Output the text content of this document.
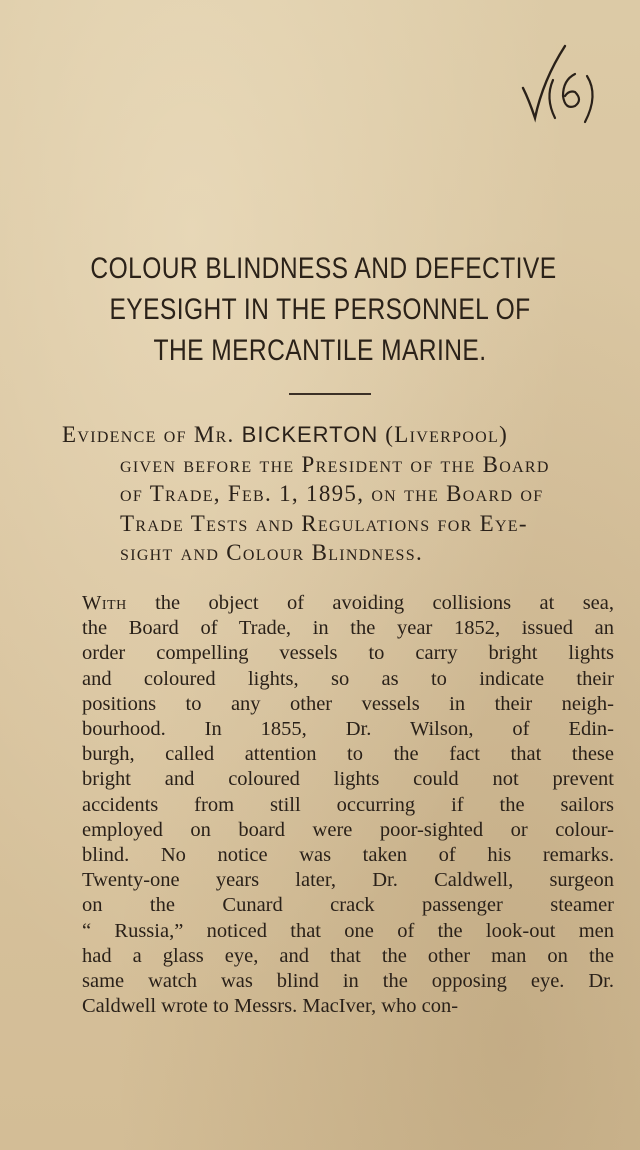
COLOUR BLINDNESS AND DEFECTIVE
EYESIGHT IN THE PERSONNEL OF
THE MERCANTILE MARINE.
Evidence of Mr. BICKERTON (Liverpool)
given before the President of the Board
of Trade, Feb. 1, 1895, on the Board of
Trade Tests and Regulations for Eye-
sight and Colour Blindness.
With the object of avoiding collisions at sea,
the Board of Trade, in the year 1852, issued an
order compelling vessels to carry bright lights
and coloured lights, so as to indicate their
positions to any other vessels in their neigh-
bourhood. In 1855, Dr. Wilson, of Edin-
burgh, called attention to the fact that these
bright and coloured lights could not prevent
accidents from still occurring if the sailors
employed on board were poor-sighted or colour-
blind. No notice was taken of his remarks.
Twenty-one years later, Dr. Caldwell, surgeon
on the Cunard crack passenger steamer
“ Russia,” noticed that one of the look-out men
had a glass eye, and that the other man on the
same watch was blind in the opposing eye. Dr.
Caldwell wrote to Messrs. MacIver, who con-
